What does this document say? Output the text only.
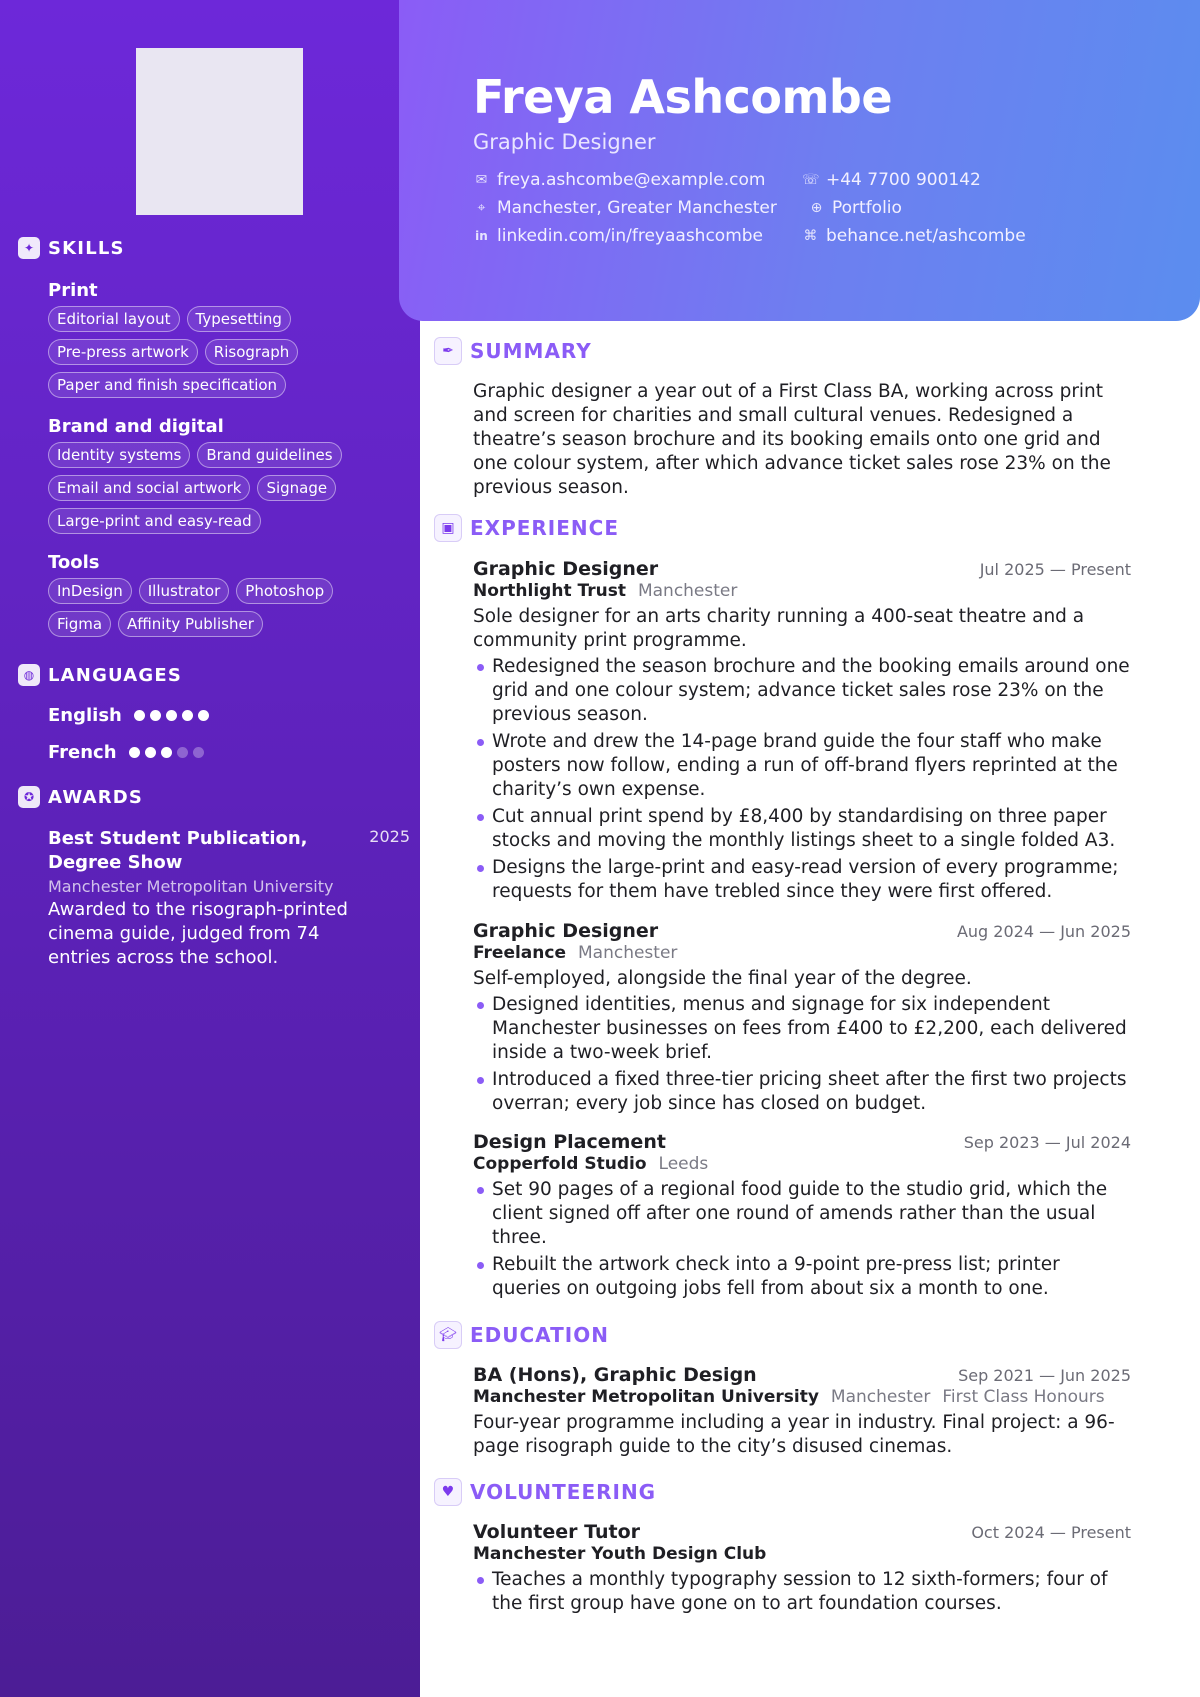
✦ SKILLS
Print
Editorial layout	Typesetting
Pre-press artwork	Risograph
Paper and finish specification
Brand and digital
Identity systems	Brand guidelines
Email and social artwork	Signage
Large-print and easy-read
Tools
InDesign	Illustrator	Photoshop
Figma	Affinity Publisher
◍ LANGUAGES
English
French
✪ AWARDS
Best Student Publication, Degree Show
2025
Manchester Metropolitan University
Awarded to the risograph-printed cinema guide, judged from 74 entries across the school.
Freya Ashcombe
Graphic Designer
✉ freya.ashcombe@example.com	☏ +44 7700 900142
⌖ Manchester, Greater Manchester ⊕ Portfolio
in linkedin.com/in/freyaashcombe	⌘ behance.net/ashcombe
✒ SUMMARY
Graphic designer a year out of a First Class BA, working across print and screen for charities and small cultural venues. Redesigned a theatre’s season brochure and its booking emails onto one grid and one colour system, after which advance ticket sales rose 23% on the previous season.
▣ EXPERIENCE
Graphic Designer	Jul 2025 — Present
Northlight Trust Manchester
Sole designer for an arts charity running a 400-seat theatre and a community print programme.
Redesigned the season brochure and the booking emails around one grid and one colour system; advance ticket sales rose 23% on the previous season.
Wrote and drew the 14-page brand guide the four staff who make posters now follow, ending a run of off-brand flyers reprinted at the charity’s own expense.
Cut annual print spend by £8,400 by standardising on three paper stocks and moving the monthly listings sheet to a single folded A3.
Designs the large-print and easy-read version of every programme; requests for them have trebled since they were first offered.
Graphic Designer	Aug 2024 — Jun 2025
Freelance Manchester
Self-employed, alongside the final year of the degree.
Designed identities, menus and signage for six independent Manchester businesses on fees from £400 to £2,200, each delivered inside a two-week brief.
Introduced a fixed three-tier pricing sheet after the first two projects overran; every job since has closed on budget.
Design Placement	Sep 2023 — Jul 2024
Copperfold Studio Leeds
Set 90 pages of a regional food guide to the studio grid, which the client signed off after one round of amends rather than the usual three.
Rebuilt the artwork check into a 9-point pre-press list; printer queries on outgoing jobs fell from about six a month to one.
🎓︎ EDUCATION
BA (Hons), Graphic Design	Sep 2021 — Jun 2025
Manchester Metropolitan University Manchester First Class Honours
Four-year programme including a year in industry. Final project: a 96-page risograph guide to the city’s disused cinemas.
♥ VOLUNTEERING
Volunteer Tutor	Oct 2024 — Present
Manchester Youth Design Club
Teaches a monthly typography session to 12 sixth-formers; four of the first group have gone on to art foundation courses.
